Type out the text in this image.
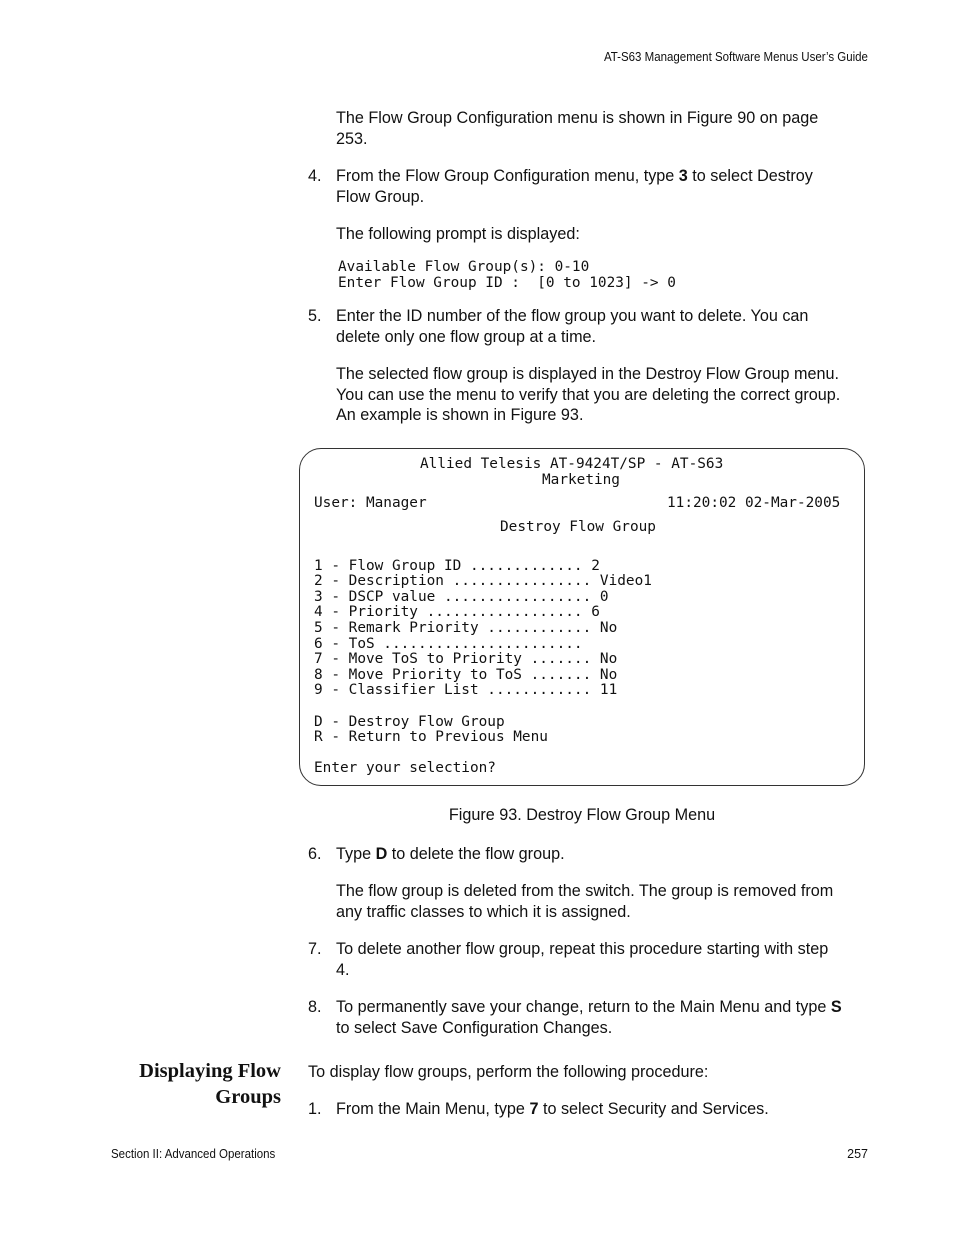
AT-S63 Management Software Menus User’s Guide
The Flow Group Configuration menu is shown in Figure 90 on page
253.
4. From the Flow Group Configuration menu, type 3 to select Destroy
Flow Group.
The following prompt is displayed:
Available Flow Group(s): 0-10
Enter Flow Group ID :  [0 to 1023] -> 0
5. Enter the ID number of the flow group you want to delete. You can
delete only one flow group at a time.
The selected flow group is displayed in the Destroy Flow Group menu.
You can use the menu to verify that you are deleting the correct group.
An example is shown in Figure 93.
Allied Telesis AT-9424T/SP - AT-S63
Marketing
User: Manager	11:20:02 02-Mar-2005
Destroy Flow Group
1 - Flow Group ID ............. 2
2 - Description ................ Video1
3 - DSCP value ................. 0
4 - Priority .................. 6
5 - Remark Priority ............ No
6 - ToS .......................
7 - Move ToS to Priority ....... No
8 - Move Priority to ToS ....... No
9 - Classifier List ............ 11
D - Destroy Flow Group
R - Return to Previous Menu
Enter your selection?
Figure 93. Destroy Flow Group Menu
6. Type D to delete the flow group.
The flow group is deleted from the switch. The group is removed from
any traffic classes to which it is assigned.
7. To delete another flow group, repeat this procedure starting with step
4.
8. To permanently save your change, return to the Main Menu and type S
to select Save Configuration Changes.
Displaying Flow
Groups
To display flow groups, perform the following procedure:
1. From the Main Menu, type 7 to select Security and Services.
Section II: Advanced Operations	257
